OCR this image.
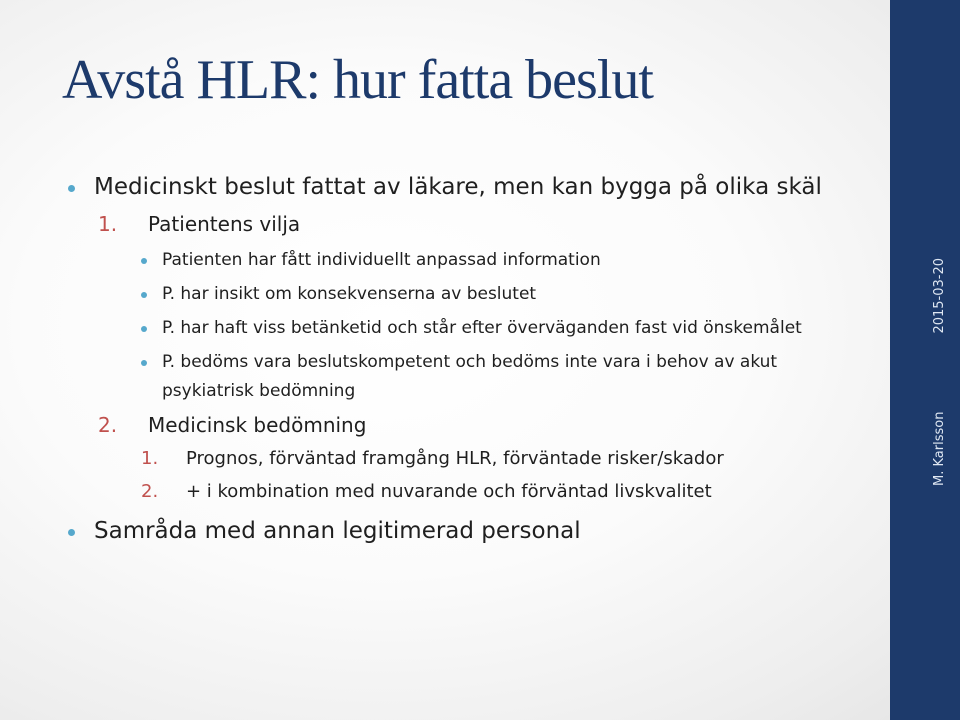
Avstå HLR: hur fatta beslut
Medicinskt beslut fattat av läkare, men kan bygga på olika skäl
1. Patientens vilja
Patienten har fått individuellt anpassad information
P. har insikt om konsekvenserna av beslutet
P. har haft viss betänketid och står efter överväganden fast vid önskemålet
P. bedöms vara beslutskompetent och bedöms inte vara i behov av akut psykiatrisk bedömning
2. Medicinsk bedömning
1. Prognos, förväntad framgång HLR, förväntade risker/skador
2. + i kombination med nuvarande och förväntad livskvalitet
Samråda med annan legitimerad personal
M. Karlsson2015-03-20
